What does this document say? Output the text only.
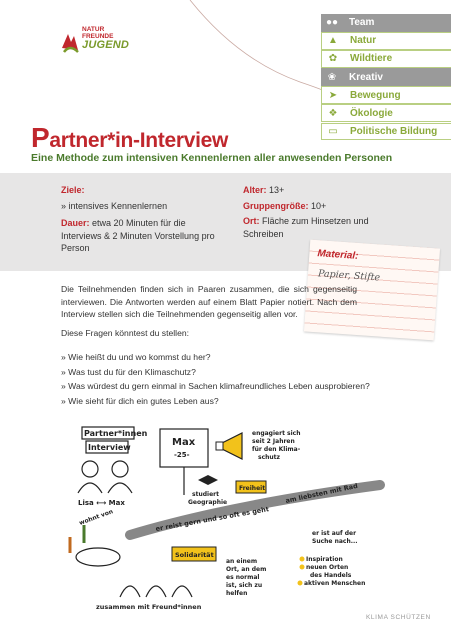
NATUR
FREUNDE
JUGEND
●●	Team
▲	Natur
✿	Wildtiere
❀	Kreativ
➤	Bewegung
❖	Ökologie
▭	Politische Bildung
Partner*in-Interview
Eine Methode zum intensiven Kennenlernen aller anwesenden Personen
Ziele:
» intensives Kennenlernen
Dauer: etwa 20 Minuten für die Interviews & 2 Minuten Vorstellung pro Person
Alter: 13+
Gruppengröße: 10+
Ort: Fläche zum Hinsetzen und Schreiben
Material:
Papier, Stifte

Die Teilnehmenden finden sich in Paaren zusammen, die sich gegenseitig interviewen. Die Antworten werden auf einem Blatt Papier notiert. Nach dem Interview stellen sich die Teilnehmenden gegenseitig allen vor.

Diese Fragen könntest du stellen:

» Wie heißt du und wo kommst du her?
» Was tust du für den Klimaschutz?
» Was würdest du gern einmal in Sachen klimafreundliches Leben ausprobieren?
» Wie sieht für dich ein gutes Leben aus?
Partner*innen
Interview
Lisa ⟷ Max
Max
-25-
studiert
Geographie
engagiert sich
seit 2 Jahren
für den Klima-
schutz
Freiheit
er reist gern und so oft es geht
am liebsten mit Rad
wohnt von
Solidarität
zusammen mit Freund*innen
an einem
Ort, an dem
es normal
ist, sich zu
helfen
er ist auf der
Suche nach...
Inspiration
neuen Orten
des Handels
aktiven Menschen
KLIMA SCHÜTZEN
